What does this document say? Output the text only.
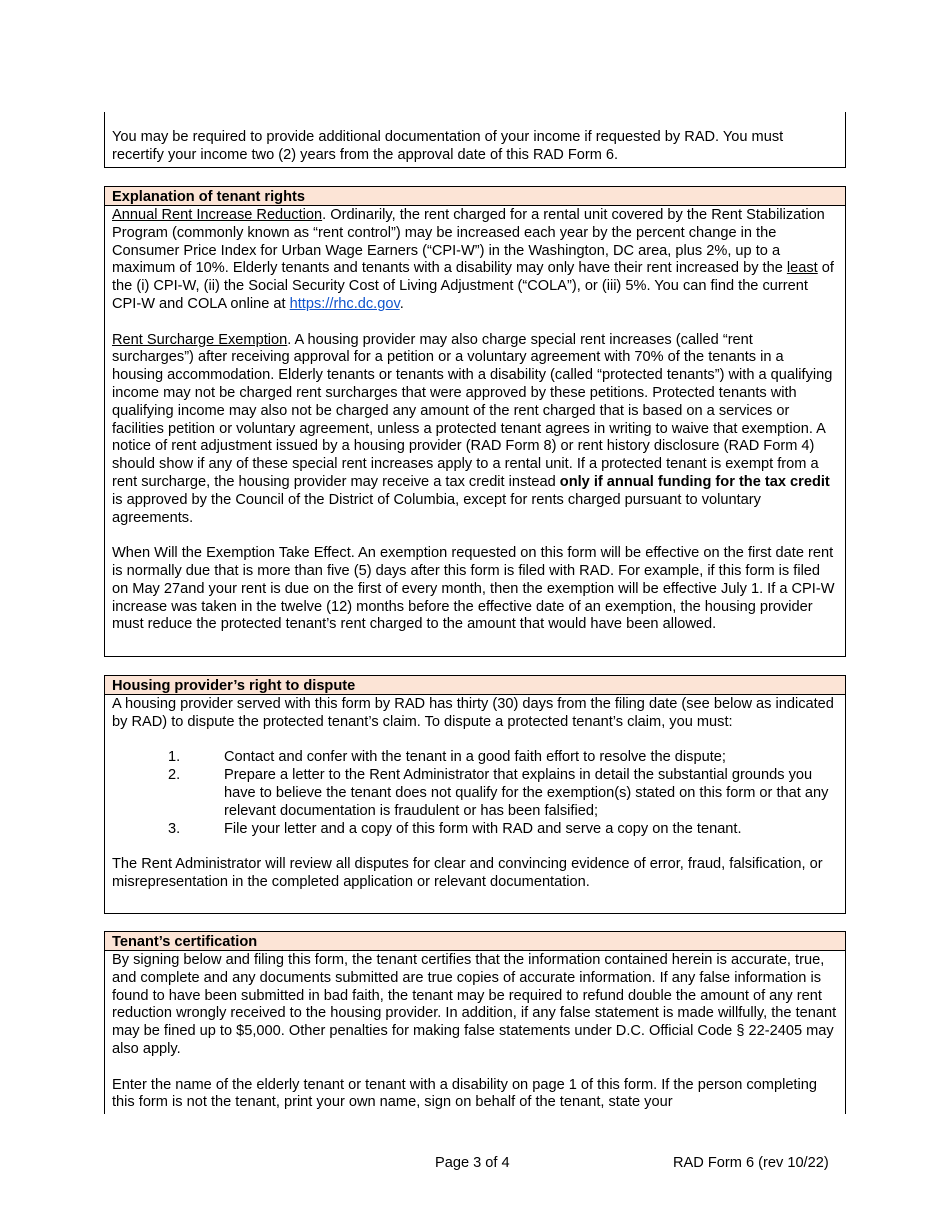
You may be required to provide additional documentation of your income if requested by RAD. You must recertify your income two (2) years from the approval date of this RAD Form 6.

Explanation of tenant rights

Annual Rent Increase Reduction. Ordinarily, the rent charged for a rental unit covered by the Rent Stabilization Program (commonly known as “rent control”) may be increased each year by the percent change in the Consumer Price Index for Urban Wage Earners (“CPI-W”) in the Washington, DC area, plus 2%, up to a maximum of 10%. Elderly tenants and tenants with a disability may only have their rent increased by the least of the (i) CPI-W, (ii) the Social Security Cost of Living Adjustment (“COLA”), or (iii) 5%. You can find the current CPI-W and COLA online at https://rhc.dc.gov.

Rent Surcharge Exemption. A housing provider may also charge special rent increases (called “rent surcharges”) after receiving approval for a petition or a voluntary agreement with 70% of the tenants in a housing accommodation. Elderly tenants or tenants with a disability (called “protected tenants”) with a qualifying income may not be charged rent surcharges that were approved by these petitions. Protected tenants with qualifying income may also not be charged any amount of the rent charged that is based on a services or facilities petition or voluntary agreement, unless a protected tenant agrees in writing to waive that exemption. A notice of rent adjustment issued by a housing provider (RAD Form 8) or rent history disclosure (RAD Form 4) should show if any of these special rent increases apply to a rental unit. If a protected tenant is exempt from a rent surcharge, the housing provider may receive a tax credit instead only if annual funding for the tax credit is approved by the Council of the District of Columbia, except for rents charged pursuant to voluntary agreements.

When Will the Exemption Take Effect. An exemption requested on this form will be effective on the first date rent is normally due that is more than five (5) days after this form is filed with RAD. For example, if this form is filed on May 27and your rent is due on the first of every month, then the exemption will be effective July 1. If a CPI-W increase was taken in the twelve (12) months before the effective date of an exemption, the housing provider must reduce the protected tenant’s rent charged to the amount that would have been allowed.

Housing provider’s right to dispute

A housing provider served with this form by RAD has thirty (30) days from the filing date (see below as indicated by RAD) to dispute the protected tenant’s claim. To dispute a protected tenant’s claim, you must:

1.	Contact and confer with the tenant in a good faith effort to resolve the dispute;
2.	Prepare a letter to the Rent Administrator that explains in detail the substantial grounds you have to believe the tenant does not qualify for the exemption(s) stated on this form or that any relevant documentation is fraudulent or has been falsified;
3.	File your letter and a copy of this form with RAD and serve a copy on the tenant.

The Rent Administrator will review all disputes for clear and convincing evidence of error, fraud, falsification, or misrepresentation in the completed application or relevant documentation.

Tenant’s certification

By signing below and filing this form, the tenant certifies that the information contained herein is accurate, true, and complete and any documents submitted are true copies of accurate information. If any false information is found to have been submitted in bad faith, the tenant may be required to refund double the amount of any rent reduction wrongly received to the housing provider. In addition, if any false statement is made willfully, the tenant may be fined up to $5,000. Other penalties for making false statements under D.C. Official Code § 22-2405 may also apply.

Enter the name of the elderly tenant or tenant with a disability on page 1 of this form. If the person completing this form is not the tenant, print your own name, sign on behalf of the tenant, state your

Page 3 of 4	RAD Form 6 (rev 10/22)
